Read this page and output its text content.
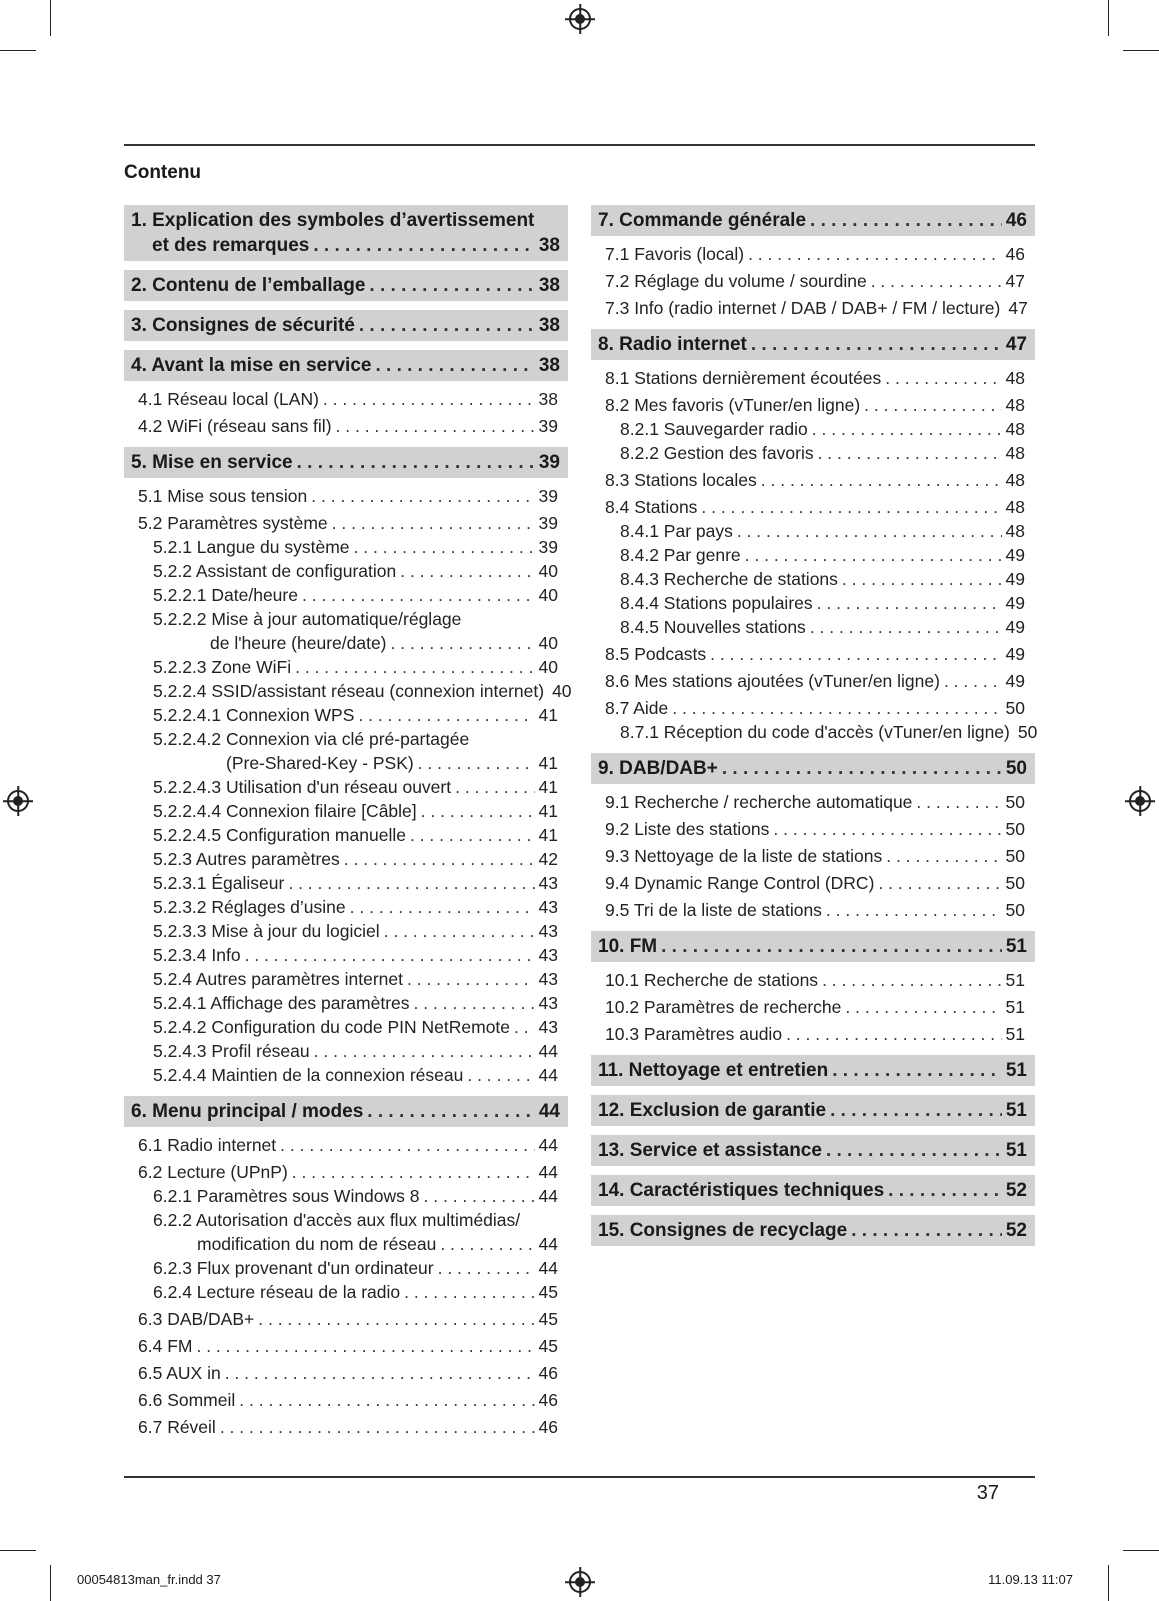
Contenu
1. Explication des symboles d’avertissement
et des remarques . . .	38
2. Contenu de l’emballage . . .	38
3. Consignes de sécurité . . .	38
4. Avant la mise en service . . .	38
4.1 Réseau local (LAN) . . .	38
4.2 WiFi (réseau sans fil) . . .	39
5. Mise en service . . .	39
5.1 Mise sous tension . . .	39
5.2 Paramètres système . . .	39
5.2.1 Langue du système . . .	39
5.2.2 Assistant de configuration . . .	40
5.2.2.1 Date/heure . . .	40
5.2.2.2 Mise à jour automatique/réglage
de l'heure (heure/date) . . .	40
5.2.2.3 Zone WiFi . . .	40
5.2.2.4 SSID/assistant réseau (connexion internet) 40
5.2.2.4.1 Connexion WPS . . .	41
5.2.2.4.2 Connexion via clé pré-partagée
(Pre-Shared-Key - PSK) . . .	41
5.2.2.4.3 Utilisation d'un réseau ouvert . . .	41
5.2.2.4.4 Connexion filaire [Câble] . . .	41
5.2.2.4.5 Configuration manuelle . . .	41
5.2.3 Autres paramètres . . .	42
5.2.3.1 Égaliseur . . .	43
5.2.3.2 Réglages d’usine . . .	43
5.2.3.3 Mise à jour du logiciel . . .	43
5.2.3.4 Info . . .	43
5.2.4 Autres paramètres internet . . .	43
5.2.4.1 Affichage des paramètres . . .	43
5.2.4.2 Configuration du code PIN NetRemote . . . 43
5.2.4.3 Profil réseau . . .	44
5.2.4.4 Maintien de la connexion réseau . . .	44
6. Menu principal / modes . . .	44
6.1 Radio internet . . .	44
6.2 Lecture (UPnP) . . .	44
6.2.1 Paramètres sous Windows 8 . . .	44
6.2.2 Autorisation d'accès aux flux multimédias/
modification du nom de réseau . . .	44
6.2.3 Flux provenant d'un ordinateur . . .	44
6.2.4 Lecture réseau de la radio . . .	45
6.3 DAB/DAB+ . . .	45
6.4 FM . . .	45
6.5 AUX in . . .	46
6.6 Sommeil . . .	46
6.7 Réveil . . .	46
7. Commande générale . . .	46
7.1 Favoris (local) . . .	46
7.2 Réglage du volume / sourdine . . .	47
7.3 Info (radio internet / DAB / DAB+ / FM / lecture) 47
8. Radio internet . . .	47
8.1 Stations dernièrement écoutées . . .	48
8.2 Mes favoris (vTuner/en ligne) . . .	48
8.2.1 Sauvegarder radio . . .	48
8.2.2 Gestion des favoris . . .	48
8.3 Stations locales . . .	48
8.4 Stations . . .	48
8.4.1 Par pays . . .	48
8.4.2 Par genre . . .	49
8.4.3 Recherche de stations . . .	49
8.4.4 Stations populaires . . .	49
8.4.5 Nouvelles stations . . .	49
8.5 Podcasts . . .	49
8.6 Mes stations ajoutées (vTuner/en ligne) . . .	49
8.7 Aide . . .	50
8.7.1 Réception du code d'accès (vTuner/en ligne) 50
9. DAB/DAB+ . . .	50
9.1 Recherche / recherche automatique . . .	50
9.2 Liste des stations . . .	50
9.3 Nettoyage de la liste de stations . . .	50
9.4 Dynamic Range Control (DRC) . . .	50
9.5 Tri de la liste de stations . . .	50
10. FM . . .	51
10.1 Recherche de stations . . .	51
10.2 Paramètres de recherche . . .	51
10.3 Paramètres audio . . .	51
11. Nettoyage et entretien . . .	51
12. Exclusion de garantie . . .	51
13. Service et assistance . . .	51
14. Caractéristiques techniques . . .	52
15. Consignes de recyclage . . .	52
37
00054813man_fr.indd 37	11.09.13 11:07
